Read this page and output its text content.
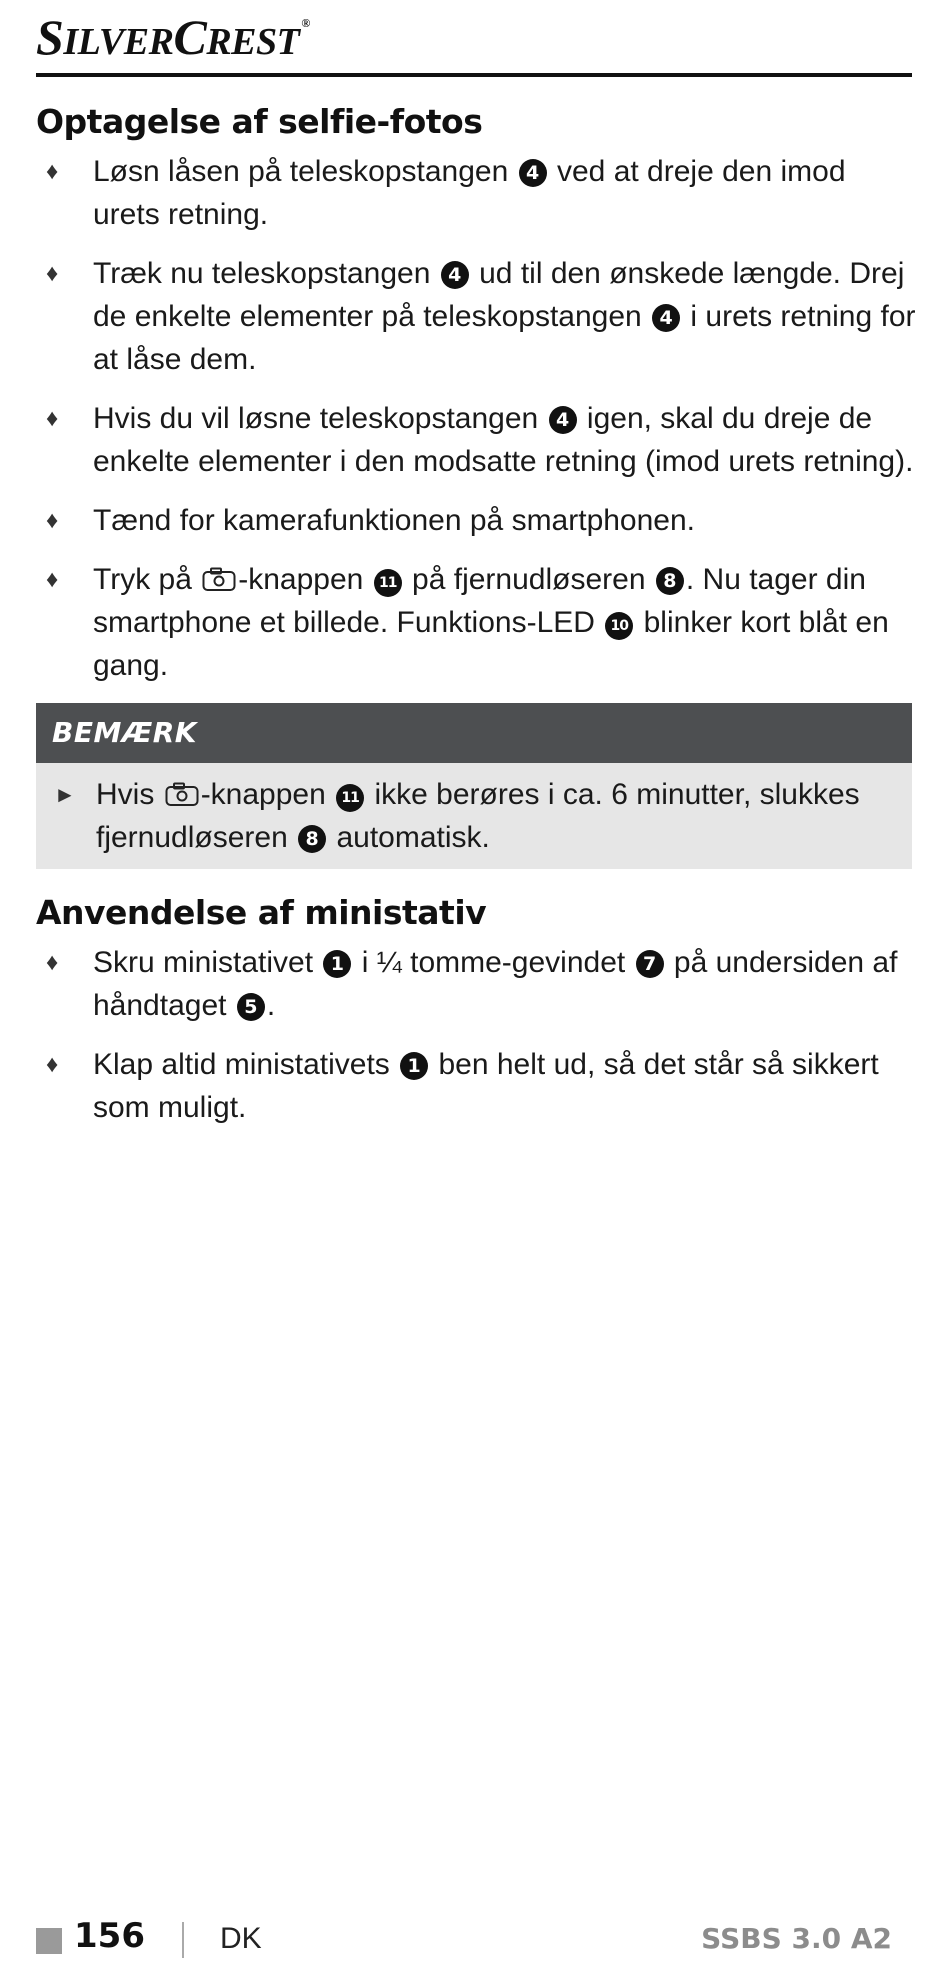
SILVERCREST ®
Optagelse af selfie-fotos
♦ Løsn låsen på teleskopstangen 4 ved at dreje den imod urets retning.
♦ Træk nu teleskopstangen 4 ud til den ønskede længde. Drej de enkelte elementer på teleskopstangen 4 i urets retning for at låse dem.
♦ Hvis du vil løsne teleskopstangen 4 igen, skal du dreje de enkelte elementer i den modsatte retning (imod urets retning).
♦ Tænd for kamerafunktionen på smartphonen.
♦ Tryk på -knappen 11 på fjernudløseren 8 . Nu tager din smartphone et billede. Funktions-LED 10 blinker kort blåt en gang.
BEMÆRK
► Hvis -knappen 11 ikke berøres i ca. 6 minutter, slukkes fjernudløseren 8 automatisk.
Anvendelse af ministativ
♦ Skru ministativet 1 i ¼ tomme-gevindet 7 på undersiden af håndtaget 5 .
♦ Klap altid ministativets 1 ben helt ud, så det står så sikkert som muligt.
156	DK	SSBS 3.0 A2
